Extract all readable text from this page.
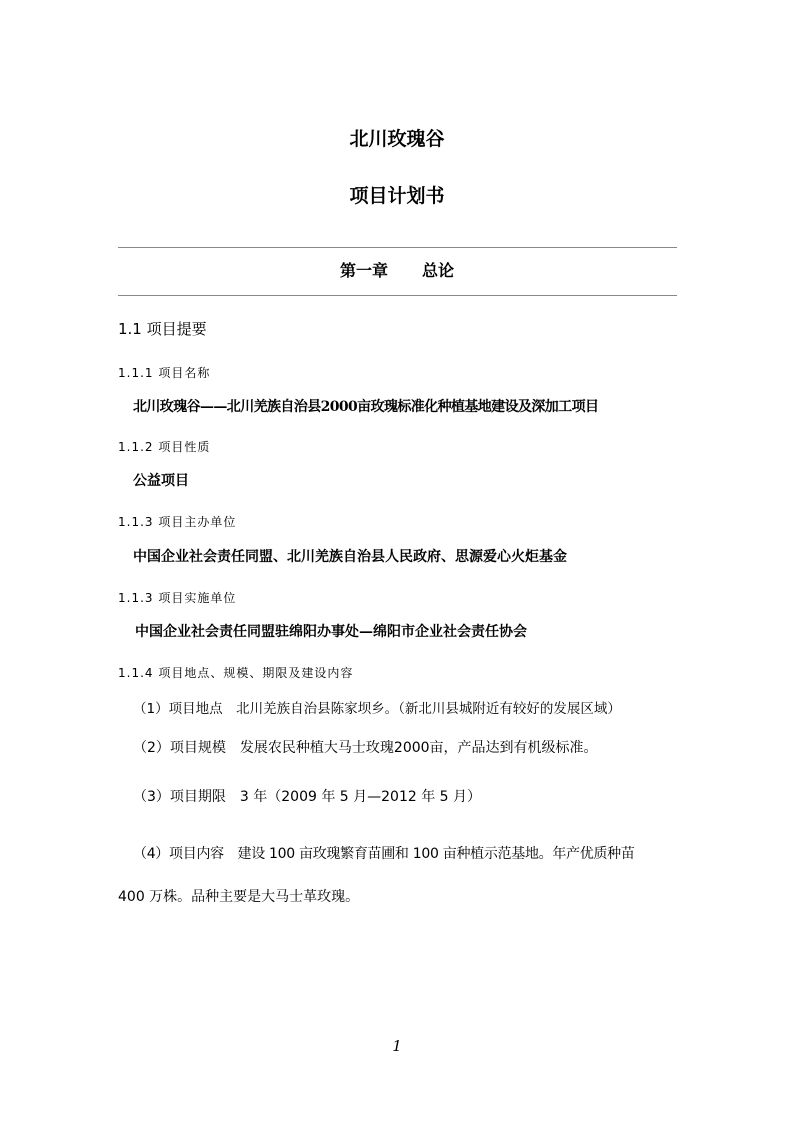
北川玫瑰谷
项目计划书
第一章 总论
1.1 项目提要
1.1.1 项目名称
北川玫瑰谷——北川羌族自治县2000亩玫瑰标准化种植基地建设及深加工项目
1.1.2 项目性质
公益项目
1.1.3 项目主办单位
中国企业社会责任同盟、北川羌族自治县人民政府、思源爱心火炬基金
1.1.3 项目实施单位
中国企业社会责任同盟驻绵阳办事处—绵阳市企业社会责任协会
1.1.4 项目地点、规模、期限及建设内容
（1）项目地点　北川羌族自治县陈家坝乡。（新北川县城附近有较好的发展区域）
（2）项目规模　发展农民种植大马士玫瑰2000亩，产品达到有机级标准。
（3）项目期限　3 年（2009 年 5 月—2012 年 5 月）
（4）项目内容　建设 100 亩玫瑰繁育苗圃和 100 亩种植示范基地。年产优质种苗
400 万株。品种主要是大马士革玫瑰。
1
